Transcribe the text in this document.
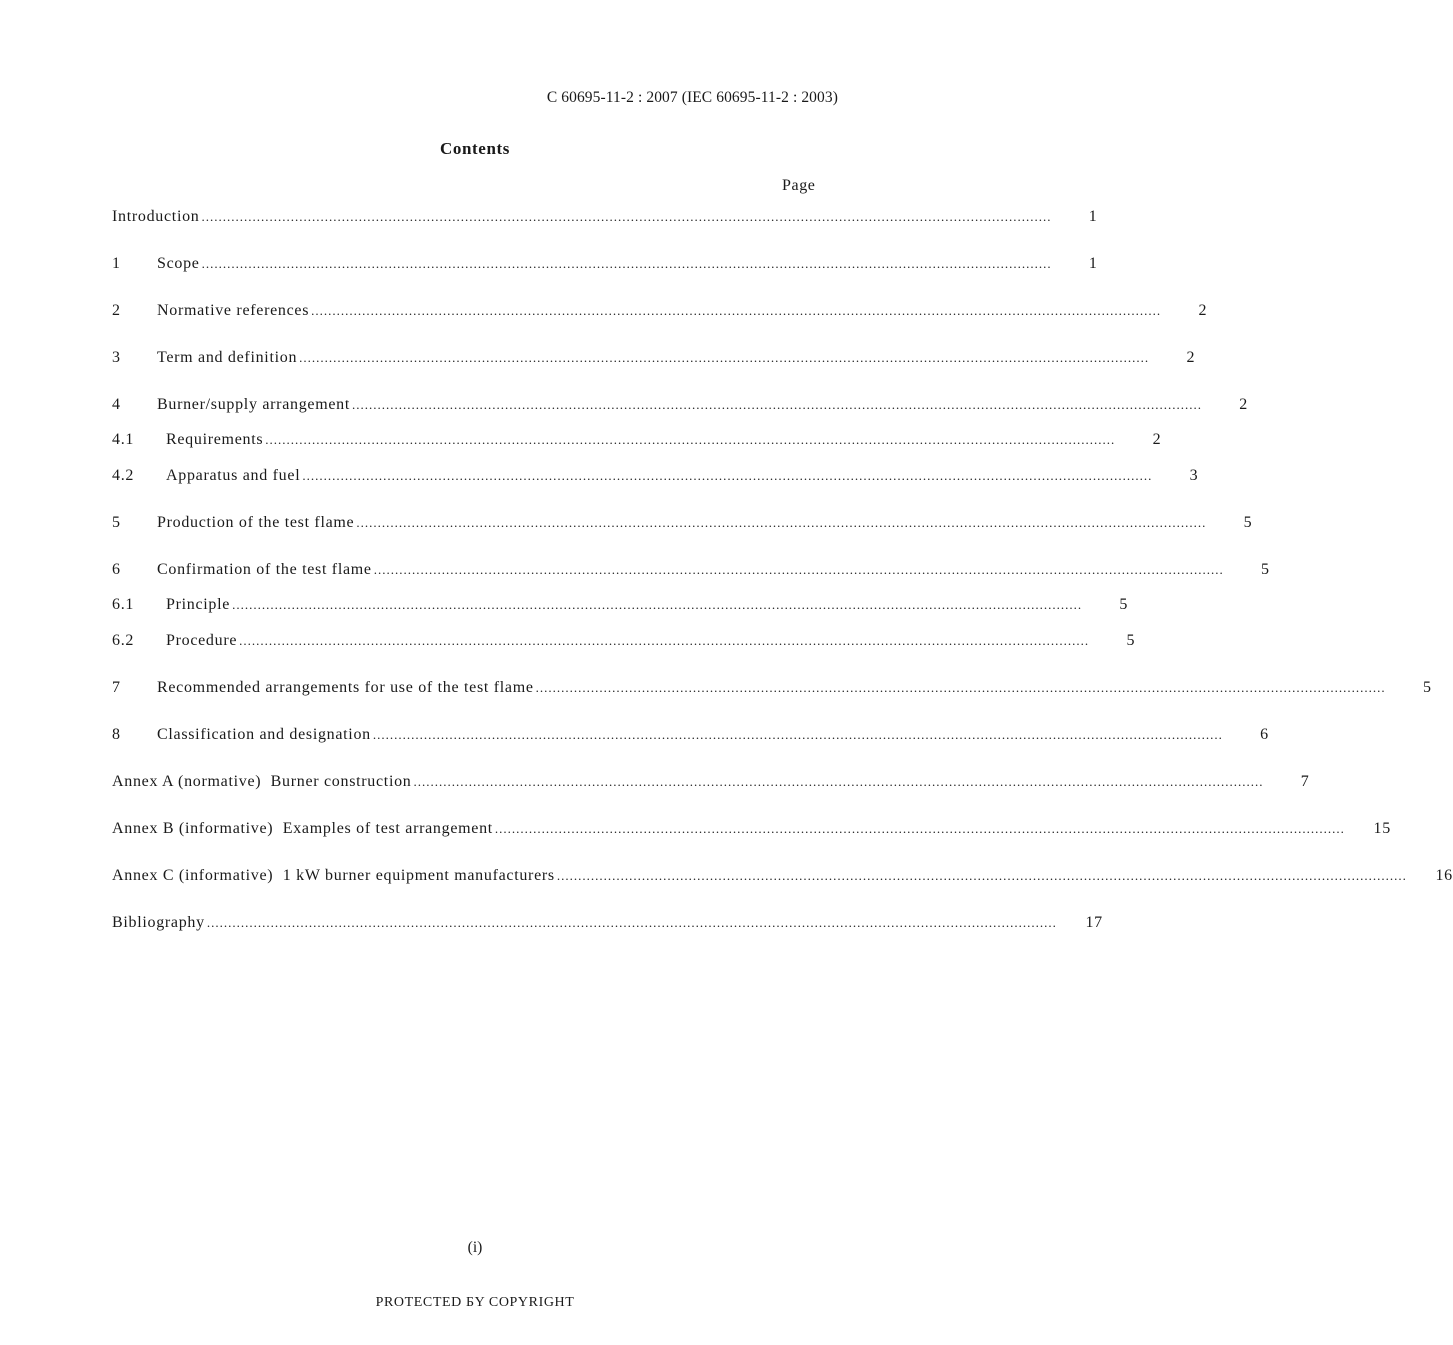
C 60695-11-2 : 2007 (IEC 60695-11-2 : 2003)
Contents
Page
Introduction ........................................................................................................................................................................................................	1
1	Scope ........................................................................................................................................................................................................	1
2	Normative references ........................................................................................................................................................................................................	2
3	Term and definition ........................................................................................................................................................................................................	2
4	Burner/supply arrangement ........................................................................................................................................................................................................	2
4.1	Requirements ........................................................................................................................................................................................................	2
4.2	Apparatus and fuel ........................................................................................................................................................................................................	3
5	Production of the test flame ........................................................................................................................................................................................................	5
6	Confirmation of the test flame ........................................................................................................................................................................................................	5
6.1	Principle ........................................................................................................................................................................................................	5
6.2	Procedure ........................................................................................................................................................................................................	5
7	Recommended arrangements for use of the test flame ........................................................................................................................................................................................................	5
8	Classification and designation ........................................................................................................................................................................................................	6
Annex A (normative)  Burner construction ........................................................................................................................................................................................................	7
Annex B (informative)  Examples of test arrangement ........................................................................................................................................................................................................	15
Annex C (informative)  1 kW burner equipment manufacturers ........................................................................................................................................................................................................	16
Bibliography ........................................................................................................................................................................................................	17
(i)
PROTECTED БY COPYRIGHT
